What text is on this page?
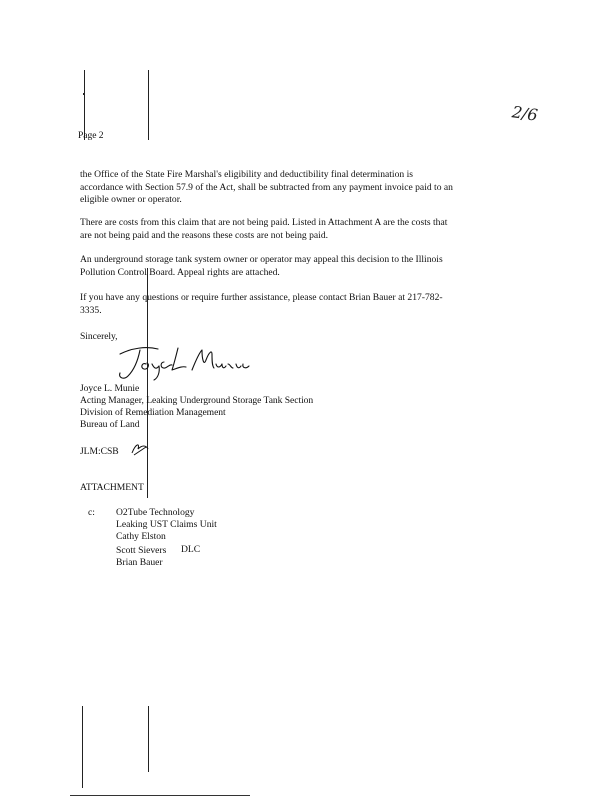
Page 2
2/6
the Office of the State Fire Marshal's eligibility and deductibility final determination is
accordance with Section 57.9 of the Act, shall be subtracted from any payment invoice paid to an
eligible owner or operator.
There are costs from this claim that are not being paid. Listed in Attachment A are the costs that
are not being paid and the reasons these costs are not being paid.
An underground storage tank system owner or operator may appeal this decision to the Illinois
Pollution Control Board. Appeal rights are attached.
If you have any questions or require further assistance, please contact Brian Bauer at 217-782-
3335.
Sincerely,
Joyce L. Munie
Acting Manager, Leaking Underground Storage Tank Section
Division of Remediation Management
Bureau of Land
JLM:CSB
ATTACHMENT
c: O2Tube Technology
Leaking UST Claims Unit
Cathy Elston
Scott Sievers DLC
Brian Bauer
